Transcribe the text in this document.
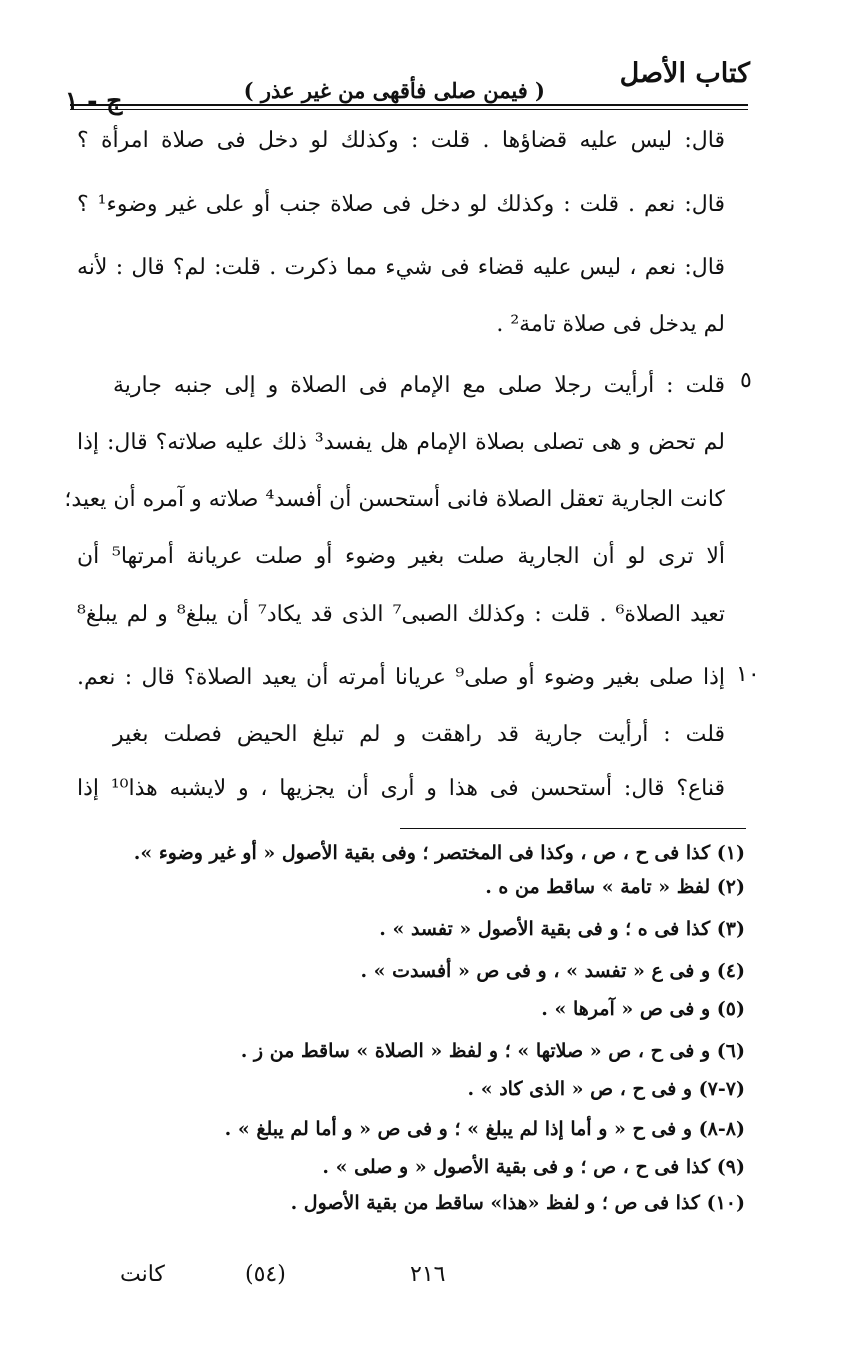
كتاب الأصل
( فيمن صلى فأقهى من غير عذر )
ج - ١
قال: ليس عليه قضاؤها . قلت : وكذلك لو دخل فى صلاة امرأة ؟
قال: نعم . قلت : وكذلك لو دخل فى صلاة جنب أو على غير وضوء¹ ؟
قال: نعم ، ليس عليه قضاء فى شيء مما ذكرت . قلت: لم؟ قال : لأنه
لم يدخل فى صلاة تامة² .
قلت : أرأيت رجلا صلى مع الإمام فى الصلاة و إلى جنبه جارية
لم تحض و هى تصلى بصلاة الإمام هل يفسد³ ذلك عليه صلاته؟ قال: إذا
كانت الجارية تعقل الصلاة فانى أستحسن أن أفسد⁴ صلاته و آمره أن يعيد؛
ألا ترى لو أن الجارية صلت بغير وضوء أو صلت عريانة أمرتها⁵ أن
تعيد الصلاة⁶ . قلت : وكذلك الصبى⁷ الذى قد يكاد⁷ أن يبلغ⁸ و لم يبلغ⁸
إذا صلى بغير وضوء أو صلى⁹ عريانا أمرته أن يعيد الصلاة؟ قال : نعم.
قلت : أرأيت جارية قد راهقت و لم تبلغ الحيض فصلت بغير
قناع؟ قال: أستحسن فى هذا و أرى أن يجزيها ، و لايشبه هذا¹⁰ إذا
٥
١٠
(١) كذا فى ح ، ص ، وكذا فى المختصر ؛ وفى بقية الأصول « أو غير وضوء ».
(٢) لفظ « تامة » ساقط من ه .
(٣) كذا فى ه ؛ و فى بقية الأصول « تفسد » .
(٤) و فى ع « تفسد » ، و فى ص « أفسدت » .
(٥) و فى ص « آمرها » .
(٦) و فى ح ، ص « صلاتها » ؛ و لفظ « الصلاة » ساقط من ز .
(٧-٧) و فى ح ، ص « الذى كاد » .
(٨-٨) و فى ح « و أما إذا لم يبلغ » ؛ و فى ص « و أما لم يبلغ » .
(٩) كذا فى ح ، ص ؛ و فى بقية الأصول « و صلى » .
(١٠) كذا فى ص ؛ و لفظ «هذا» ساقط من بقية الأصول .
كانت	(٥٤)	٢١٦
